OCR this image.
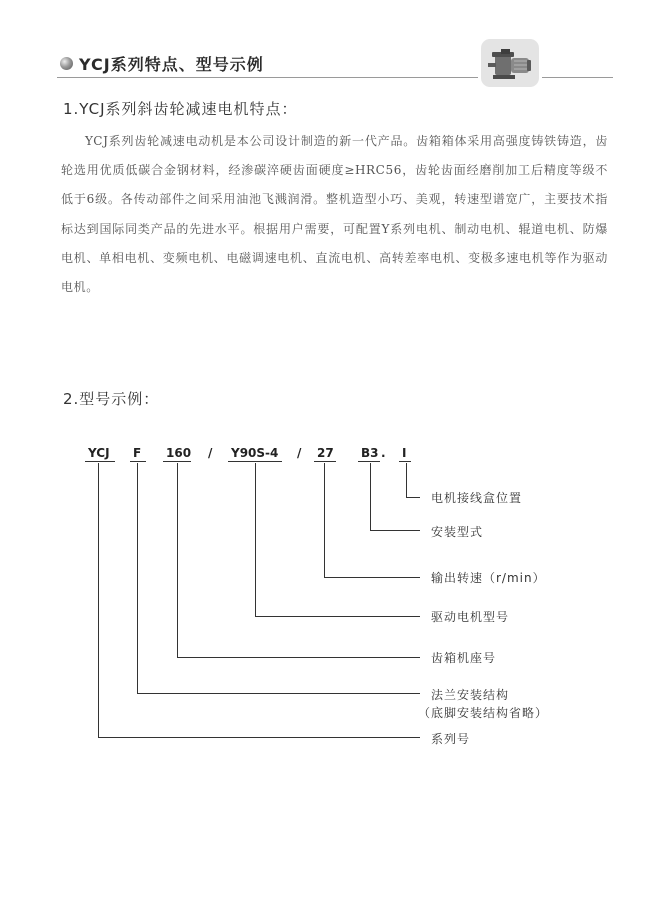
YCJ系列特点、型号示例
1.YCJ系列斜齿轮减速电机特点：
YCJ系列齿轮减速电动机是本公司设计制造的新一代产品。齿箱箱体采用高强度铸铁铸造，齿轮选用优质低碳合金钢材料，经渗碳淬硬齿面硬度≥HRC56，齿轮齿面经磨削加工后精度等级不低于6级。各传动部件之间采用油池飞溅润滑。整机造型小巧、美观，转速型谱宽广，主要技术指标达到国际同类产品的先进水平。根据用户需要，可配置Y系列电机、制动电机、辊道电机、防爆电机、单相电机、变频电机、电磁调速电机、直流电机、高转差率电机、变极多速电机等作为驱动电机。
2.型号示例：
YCJ F 160 / Y90S-4 / 27 B3 . I
电机接线盒位置
安装型式
输出转速（r/min）
驱动电机型号
齿箱机座号
法兰安装结构
（底脚安装结构省略）
系列号
